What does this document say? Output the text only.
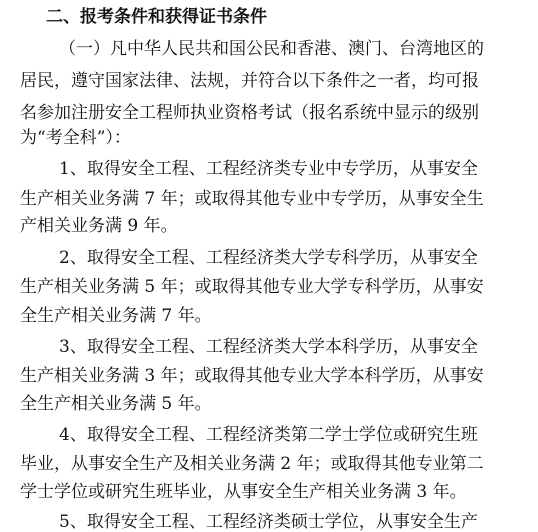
二、报考条件和获得证书条件
（一）凡中华人民共和国公民和香港、澳门、台湾地区的
居民，遵守国家法律、法规，并符合以下条件之一者，均可报
名参加注册安全工程师执业资格考试（报名系统中显示的级别
为“考全科”）：
1、取得安全工程、工程经济类专业中专学历，从事安全
生产相关业务满 7 年；或取得其他专业中专学历，从事安全生
产相关业务满 9 年。
2、取得安全工程、工程经济类大学专科学历，从事安全
生产相关业务满 5 年；或取得其他专业大学专科学历，从事安
全生产相关业务满 7 年。
3、取得安全工程、工程经济类大学本科学历，从事安全
生产相关业务满 3 年；或取得其他专业大学本科学历，从事安
全生产相关业务满 5 年。
4、取得安全工程、工程经济类第二学士学位或研究生班
毕业，从事安全生产及相关业务满 2 年；或取得其他专业第二
学士学位或研究生班毕业，从事安全生产相关业务满 3 年。
5、取得安全工程、工程经济类硕士学位，从事安全生产
